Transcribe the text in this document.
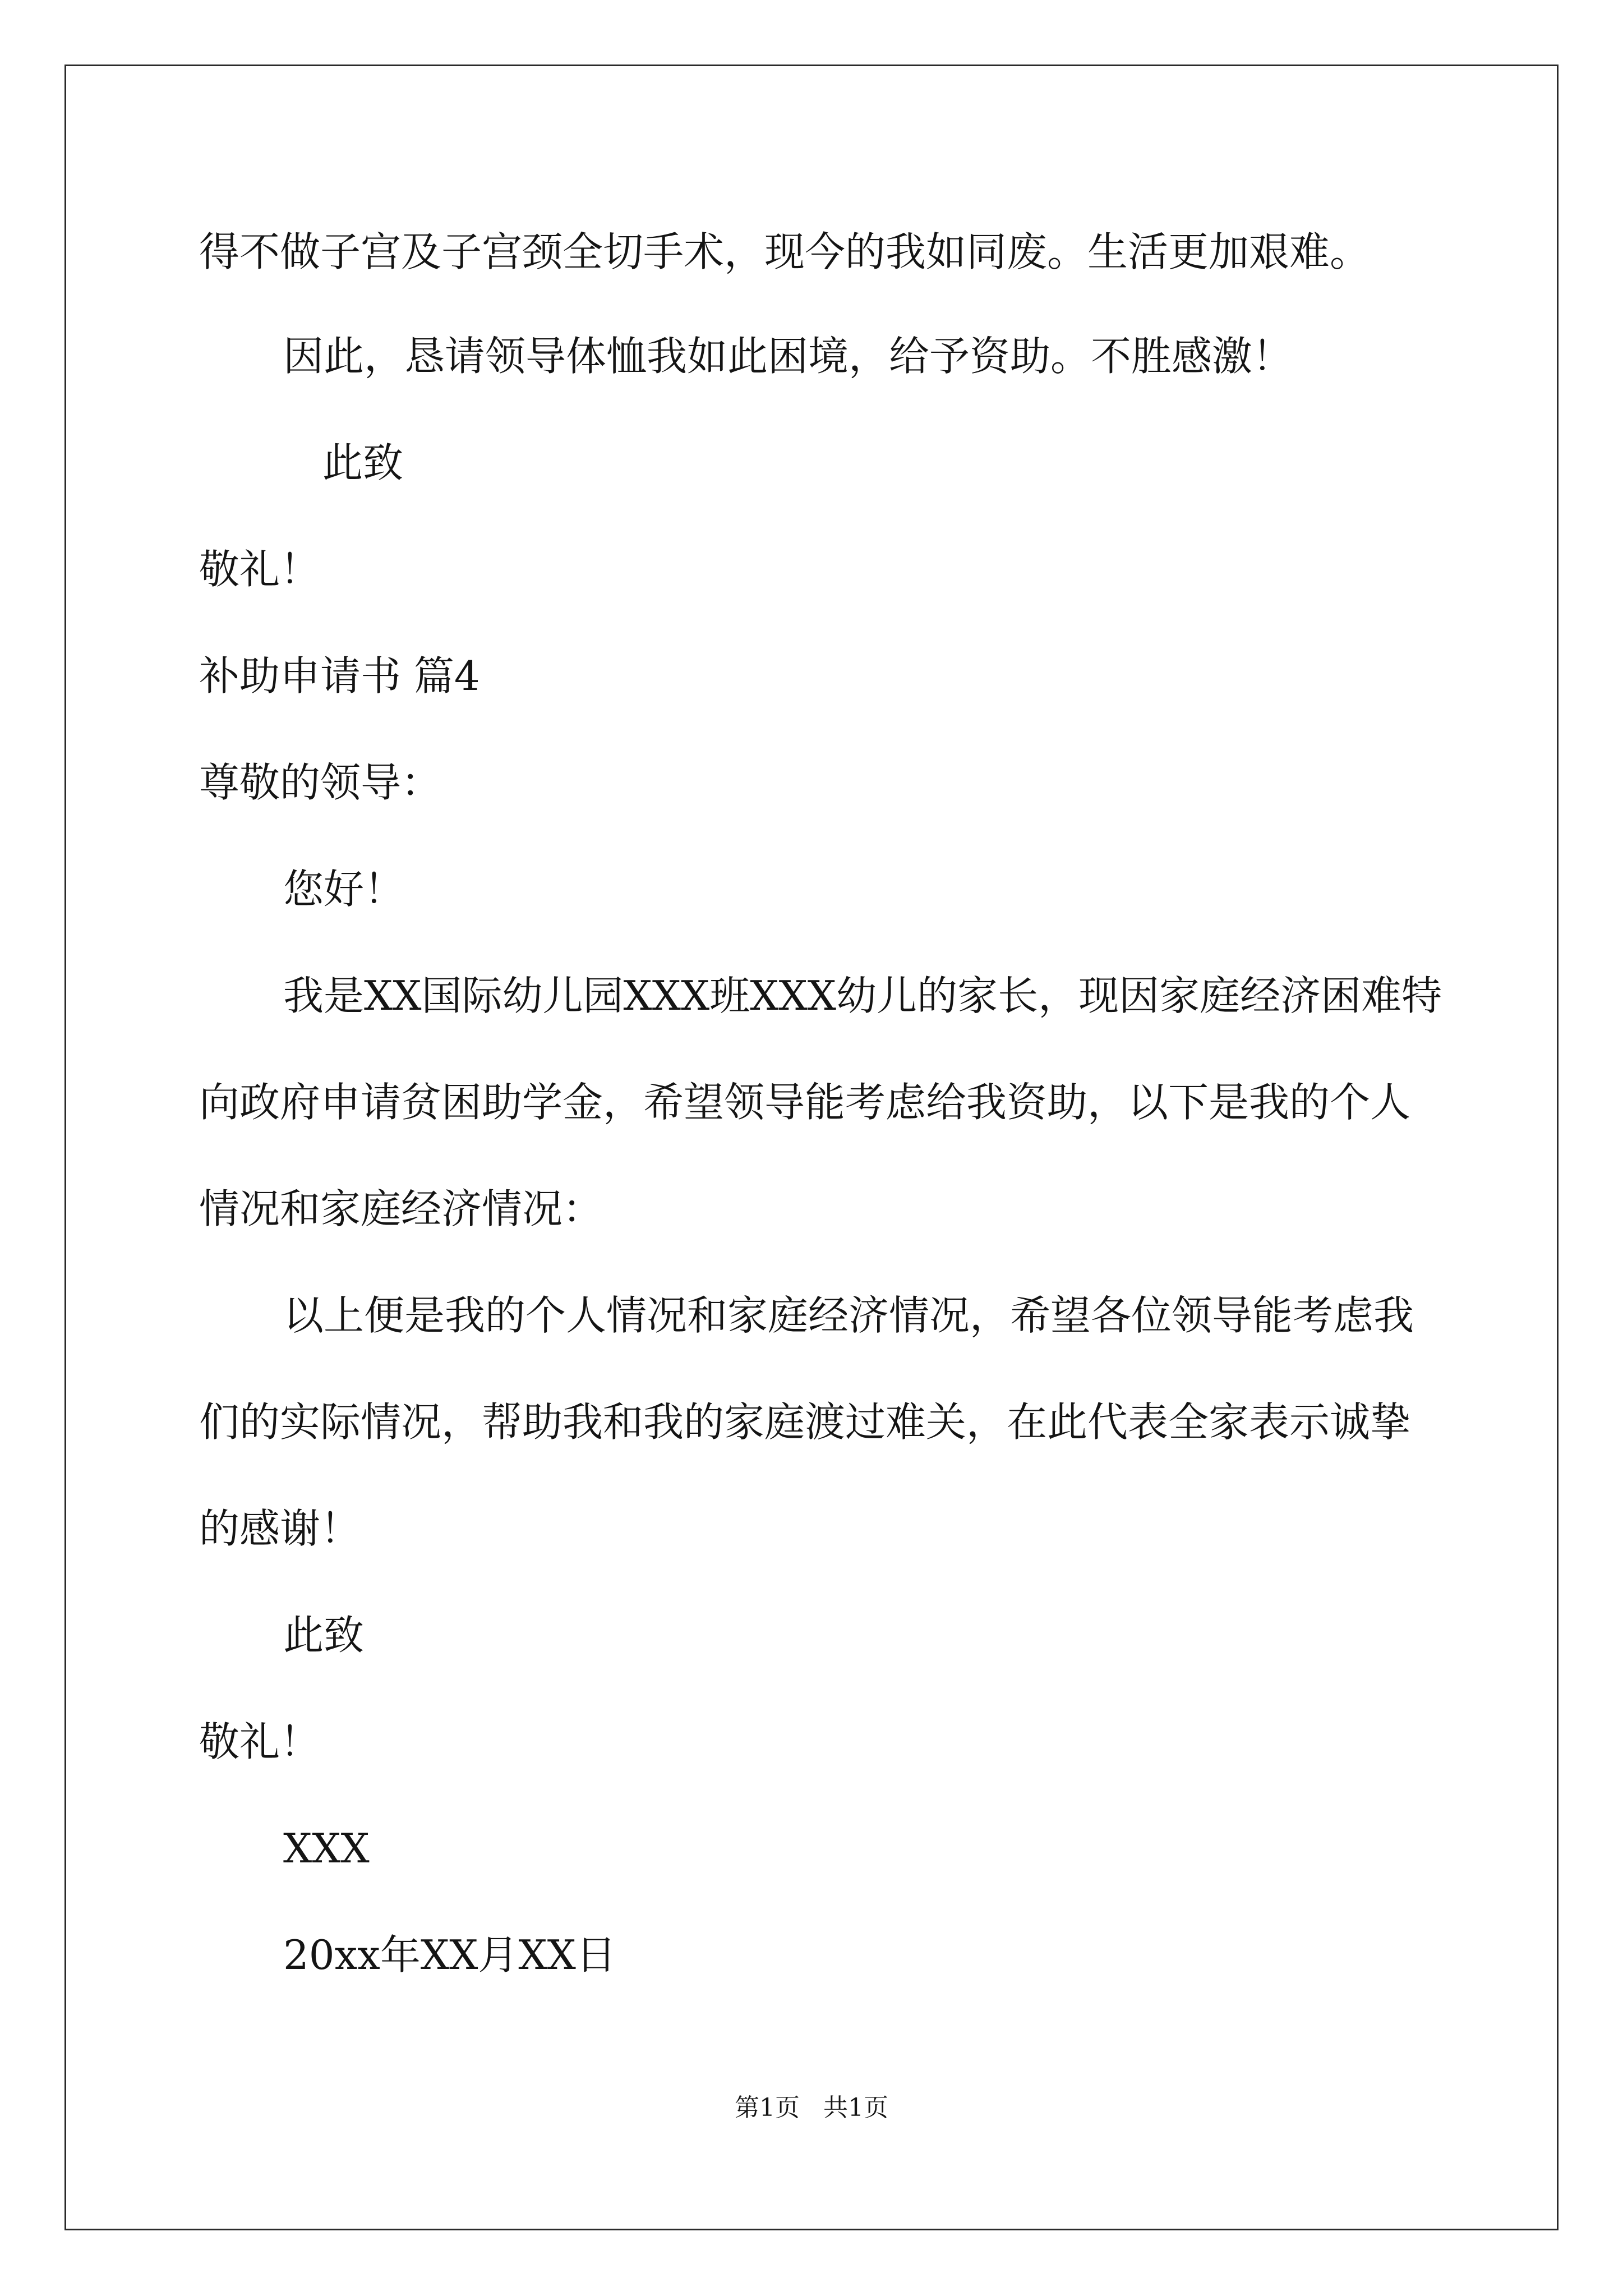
得不做子宫及子宫颈全切手术，现今的我如同废。生活更加艰难。
因此，恳请领导体恤我如此困境，给予资助。不胜感激！
此致
敬礼！
补助申请书 篇4
尊敬的领导：
您好！
我是XX国际幼儿园XXX班XXX幼儿的家长，现因家庭经济困难特
向政府申请贫困助学金，希望领导能考虑给我资助，以下是我的个人
情况和家庭经济情况：
以上便是我的个人情况和家庭经济情况，希望各位领导能考虑我
们的实际情况，帮助我和我的家庭渡过难关，在此代表全家表示诚挚
的感谢！
此致
敬礼！
XXX
20xx年XX月XX日
第1页   共1页
